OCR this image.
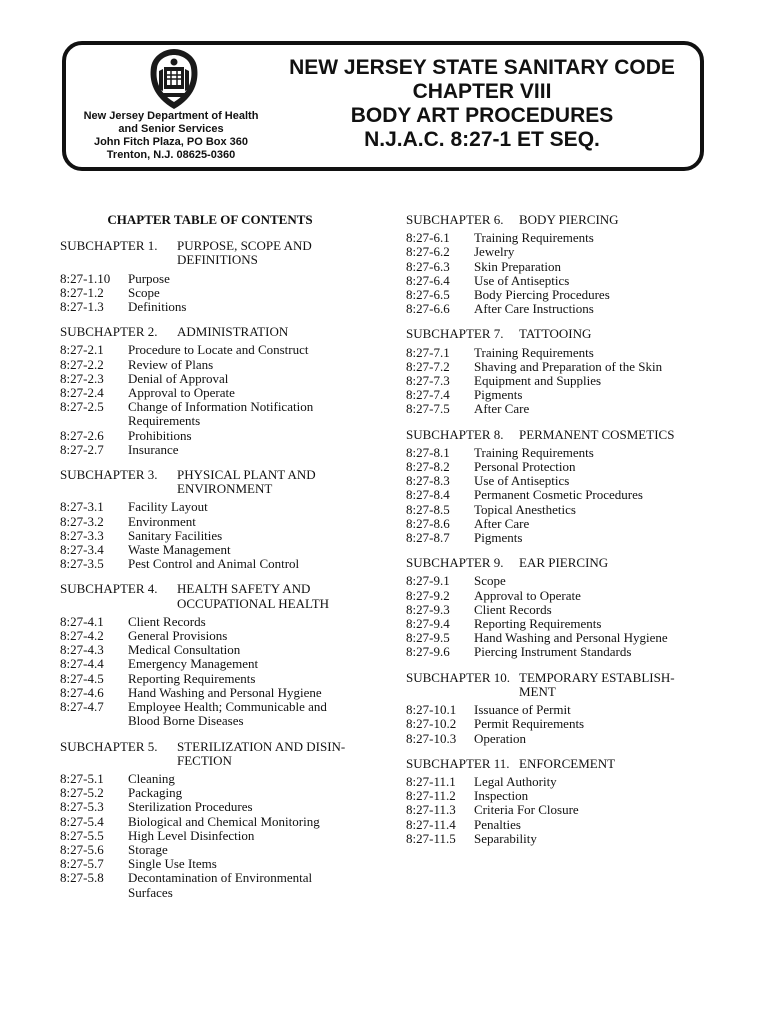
New Jersey Department of Health
and Senior Services
John Fitch Plaza, PO Box 360
Trenton, N.J. 08625-0360
NEW JERSEY STATE SANITARY CODE
CHAPTER VIII
BODY ART PROCEDURES
N.J.A.C. 8:27-1 ET SEQ.
CHAPTER TABLE OF CONTENTS
SUBCHAPTER 1.	PURPOSE, SCOPE AND DEFINITIONS
8:27-1.10	Purpose
8:27-1.2	Scope
8:27-1.3	Definitions
SUBCHAPTER 2.	ADMINISTRATION
8:27-2.1	Procedure to Locate and Construct
8:27-2.2	Review of Plans
8:27-2.3	Denial of Approval
8:27-2.4	Approval to Operate
8:27-2.5	Change of Information Notification Requirements
8:27-2.6	Prohibitions
8:27-2.7	Insurance
SUBCHAPTER 3.	PHYSICAL PLANT AND ENVIRONMENT
8:27-3.1	Facility Layout
8:27-3.2	Environment
8:27-3.3	Sanitary Facilities
8:27-3.4	Waste Management
8:27-3.5	Pest Control and Animal Control
SUBCHAPTER 4.	HEALTH SAFETY AND OCCUPATIONAL HEALTH
8:27-4.1	Client Records
8:27-4.2	General Provisions
8:27-4.3	Medical Consultation
8:27-4.4	Emergency Management
8:27-4.5	Reporting Requirements
8:27-4.6	Hand Washing and Personal Hygiene
8:27-4.7	Employee Health; Communicable and Blood Borne Diseases
SUBCHAPTER 5.	STERILIZATION AND DISIN-FECTION
8:27-5.1	Cleaning
8:27-5.2	Packaging
8:27-5.3	Sterilization Procedures
8:27-5.4	Biological and Chemical Monitoring
8:27-5.5	High Level Disinfection
8:27-5.6	Storage
8:27-5.7	Single Use Items
8:27-5.8	Decontamination of Environmental Surfaces
SUBCHAPTER 6.	BODY PIERCING
8:27-6.1	Training Requirements
8:27-6.2	Jewelry
8:27-6.3	Skin Preparation
8:27-6.4	Use of Antiseptics
8:27-6.5	Body Piercing Procedures
8:27-6.6	After Care Instructions
SUBCHAPTER 7.	TATTOOING
8:27-7.1	Training Requirements
8:27-7.2	Shaving and Preparation of the Skin
8:27-7.3	Equipment and Supplies
8:27-7.4	Pigments
8:27-7.5	After Care
SUBCHAPTER 8.	PERMANENT COSMETICS
8:27-8.1	Training Requirements
8:27-8.2	Personal Protection
8:27-8.3	Use of Antiseptics
8:27-8.4	Permanent Cosmetic Procedures
8:27-8.5	Topical Anesthetics
8:27-8.6	After Care
8:27-8.7	Pigments
SUBCHAPTER 9.	EAR PIERCING
8:27-9.1	Scope
8:27-9.2	Approval to Operate
8:27-9.3	Client Records
8:27-9.4	Reporting Requirements
8:27-9.5	Hand Washing and Personal Hygiene
8:27-9.6	Piercing Instrument Standards
SUBCHAPTER 10. TEMPORARY ESTABLISH-MENT
8:27-10.1	Issuance of Permit
8:27-10.2	Permit Requirements
8:27-10.3	Operation
SUBCHAPTER 11. ENFORCEMENT
8:27-11.1	Legal Authority
8:27-11.2	Inspection
8:27-11.3	Criteria For Closure
8:27-11.4	Penalties
8:27-11.5	Separability
